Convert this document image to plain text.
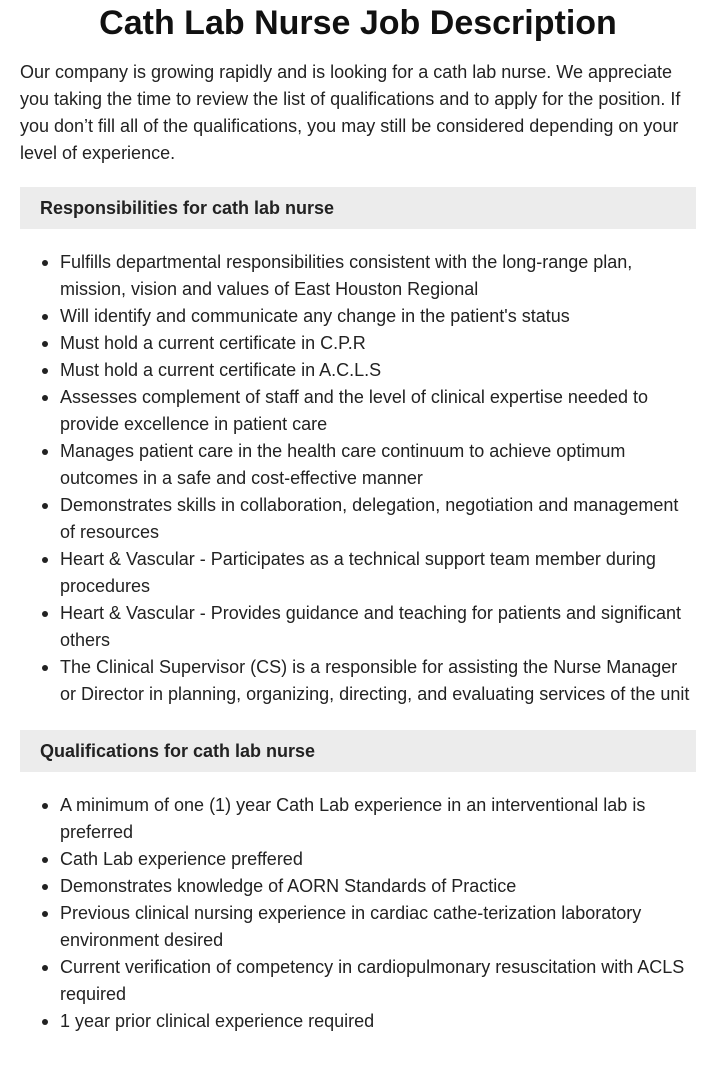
Cath Lab Nurse Job Description

Our company is growing rapidly and is looking for a cath lab nurse. We appreciate you taking the time to review the list of qualifications and to apply for the position. If you don’t fill all of the qualifications, you may still be considered depending on your level of experience.

Responsibilities for cath lab nurse
Fulfills departmental responsibilities consistent with the long-range plan, mission, vision and values of East Houston Regional
Will identify and communicate any change in the patient's status
Must hold a current certificate in C.P.R
Must hold a current certificate in A.C.L.S
Assesses complement of staff and the level of clinical expertise needed to provide excellence in patient care
Manages patient care in the health care continuum to achieve optimum outcomes in a safe and cost-effective manner
Demonstrates skills in collaboration, delegation, negotiation and management of resources
Heart & Vascular - Participates as a technical support team member during procedures
Heart & Vascular - Provides guidance and teaching for patients and significant others
The Clinical Supervisor (CS) is a responsible for assisting the Nurse Manager or Director in planning, organizing, directing, and evaluating services of the unit
Qualifications for cath lab nurse
A minimum of one (1) year Cath Lab experience in an interventional lab is preferred
Cath Lab experience preffered
Demonstrates knowledge of AORN Standards of Practice
Previous clinical nursing experience in cardiac cathe-terization laboratory environment desired
Current verification of competency in cardiopulmonary resuscitation with ACLS required
1 year prior clinical experience required
